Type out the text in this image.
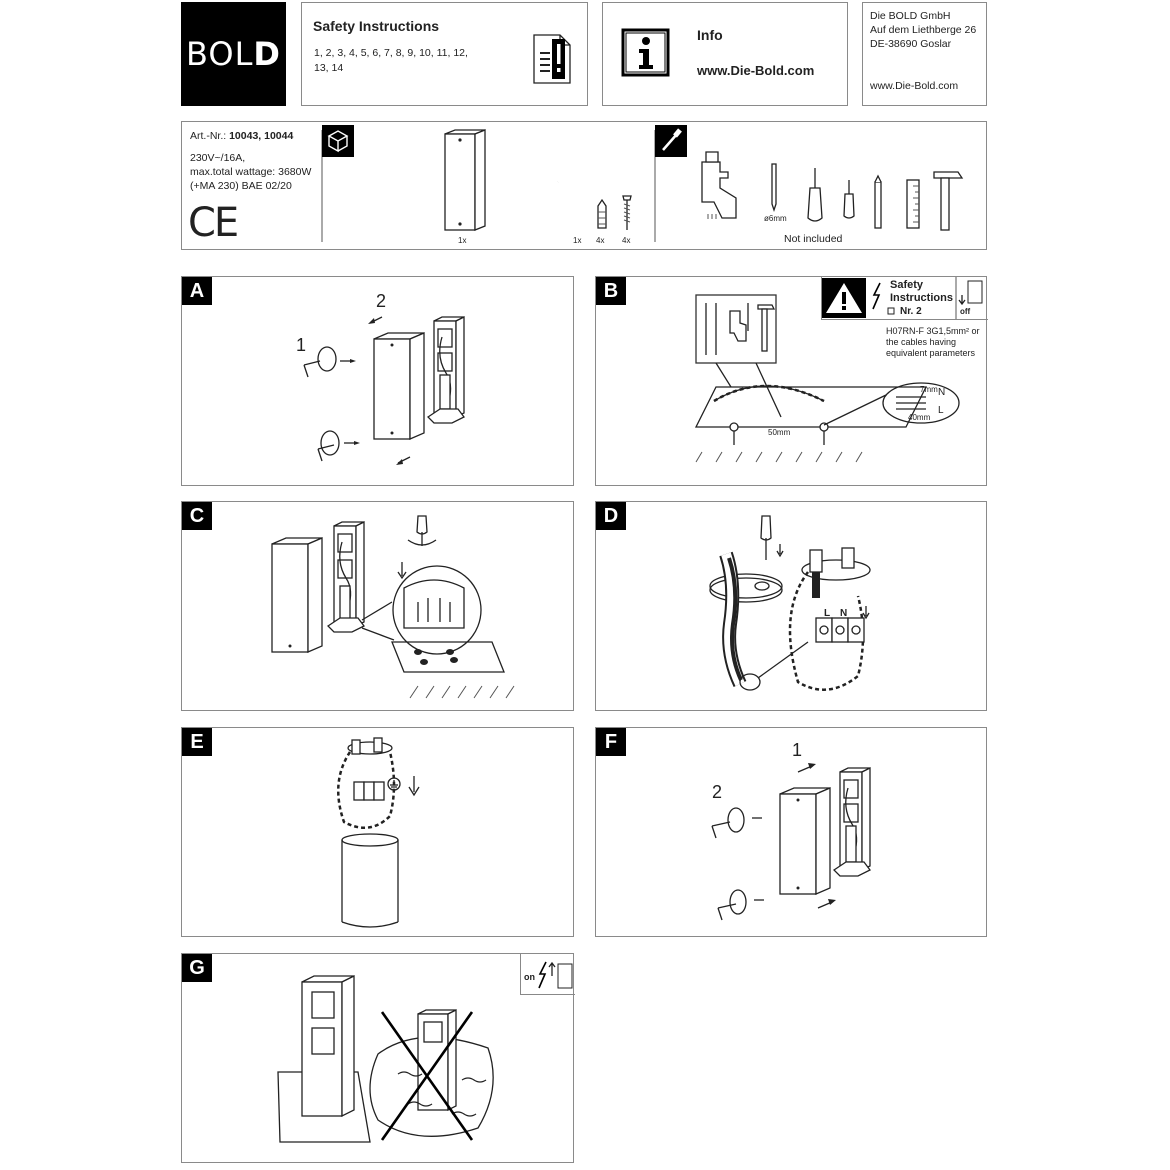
BOL D
Safety Instructions
1, 2, 3, 4, 5, 6, 7, 8, 9, 10, 11, 12,
13, 14
Info
www.Die-Bold.com
Die BOLD GmbH
Auf dem Liethberge 26
DE-38690 Goslar
www.Die-Bold.com
Art.-Nr.: 10043, 10044
230V~/16A,
max.total wattage: 3680W
(+MA 230) BAE 02/20
CE	1x	1x 4x 4x
ø6mm
Not included
A
1
2	B	Safety
Instructions
Nr. 2	off
H07RN-F 3G1,5mm² or
the cables having
equivalent parameters
50mm
7mm
40mm
N
L
C	D
L N
E	F	1
2
G	on
